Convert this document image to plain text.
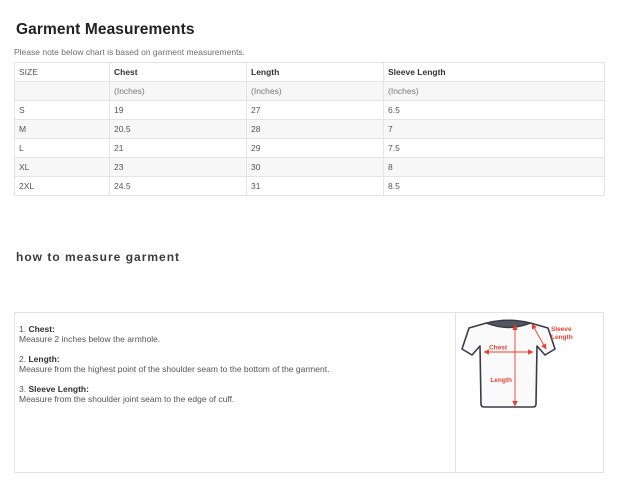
Garment Measurements

Please note below chart is based on garment measurements.

SIZE	Chest	Length	Sleeve Length
	(Inches)	(Inches)	(Inches)
S	19	27	6.5
M	20.5	28	7
L	21	29	7.5
XL	23	30	8
2XL	24.5	31	8.5
how to measure garment

1. Chest:

Measure 2 inches below the armhole.

2. Length:

Measure from the highest point of the shoulder seam to the bottom of the garment.

3. Sleeve Length:

Measure from the shoulder joint seam to the edge of cuff.

Chest
Length
Sleeve
Length
